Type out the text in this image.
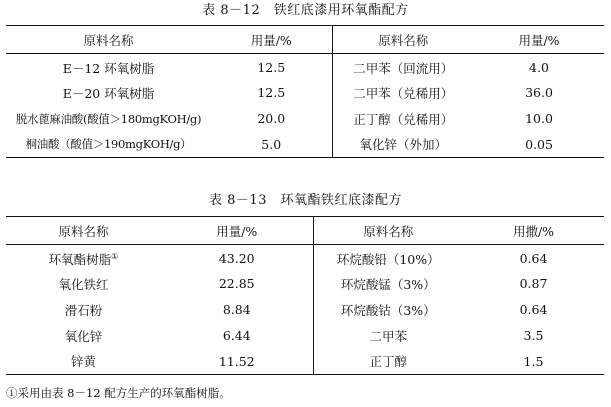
表 8－12　铁红底漆用环氧酯配方
原料名称	用量/%	原料名称	用量/%
E－12 环氧树脂	12.5	二甲苯（回流用）	4.0
E－20 环氧树脂	12.5	二甲苯（兑稀用）	36.0
脱水蓖麻油酸(酸值＞180mgKOH/g)	20.0	正丁醇（兑稀用）	10.0
桐油酸（酸值＞190mgKOH/g）	5.0	氧化锌（外加）	0.05
表 8－13　环氧酯铁红底漆配方
原料名称	用量/%	原料名称	用撒/%
环氧酯树脂①	43.20	环烷酸铅（10%）	0.64
氧化铁红	22.85	环烷酸锰（3%）	0.87
滑石粉	8.84	环烷酸钴（3%）	0.64
氧化锌	6.44	二甲苯	3.5
锌黄	11.52	正丁醇	1.5
①采用由表 8－12 配方生产的环氧酯树脂。
